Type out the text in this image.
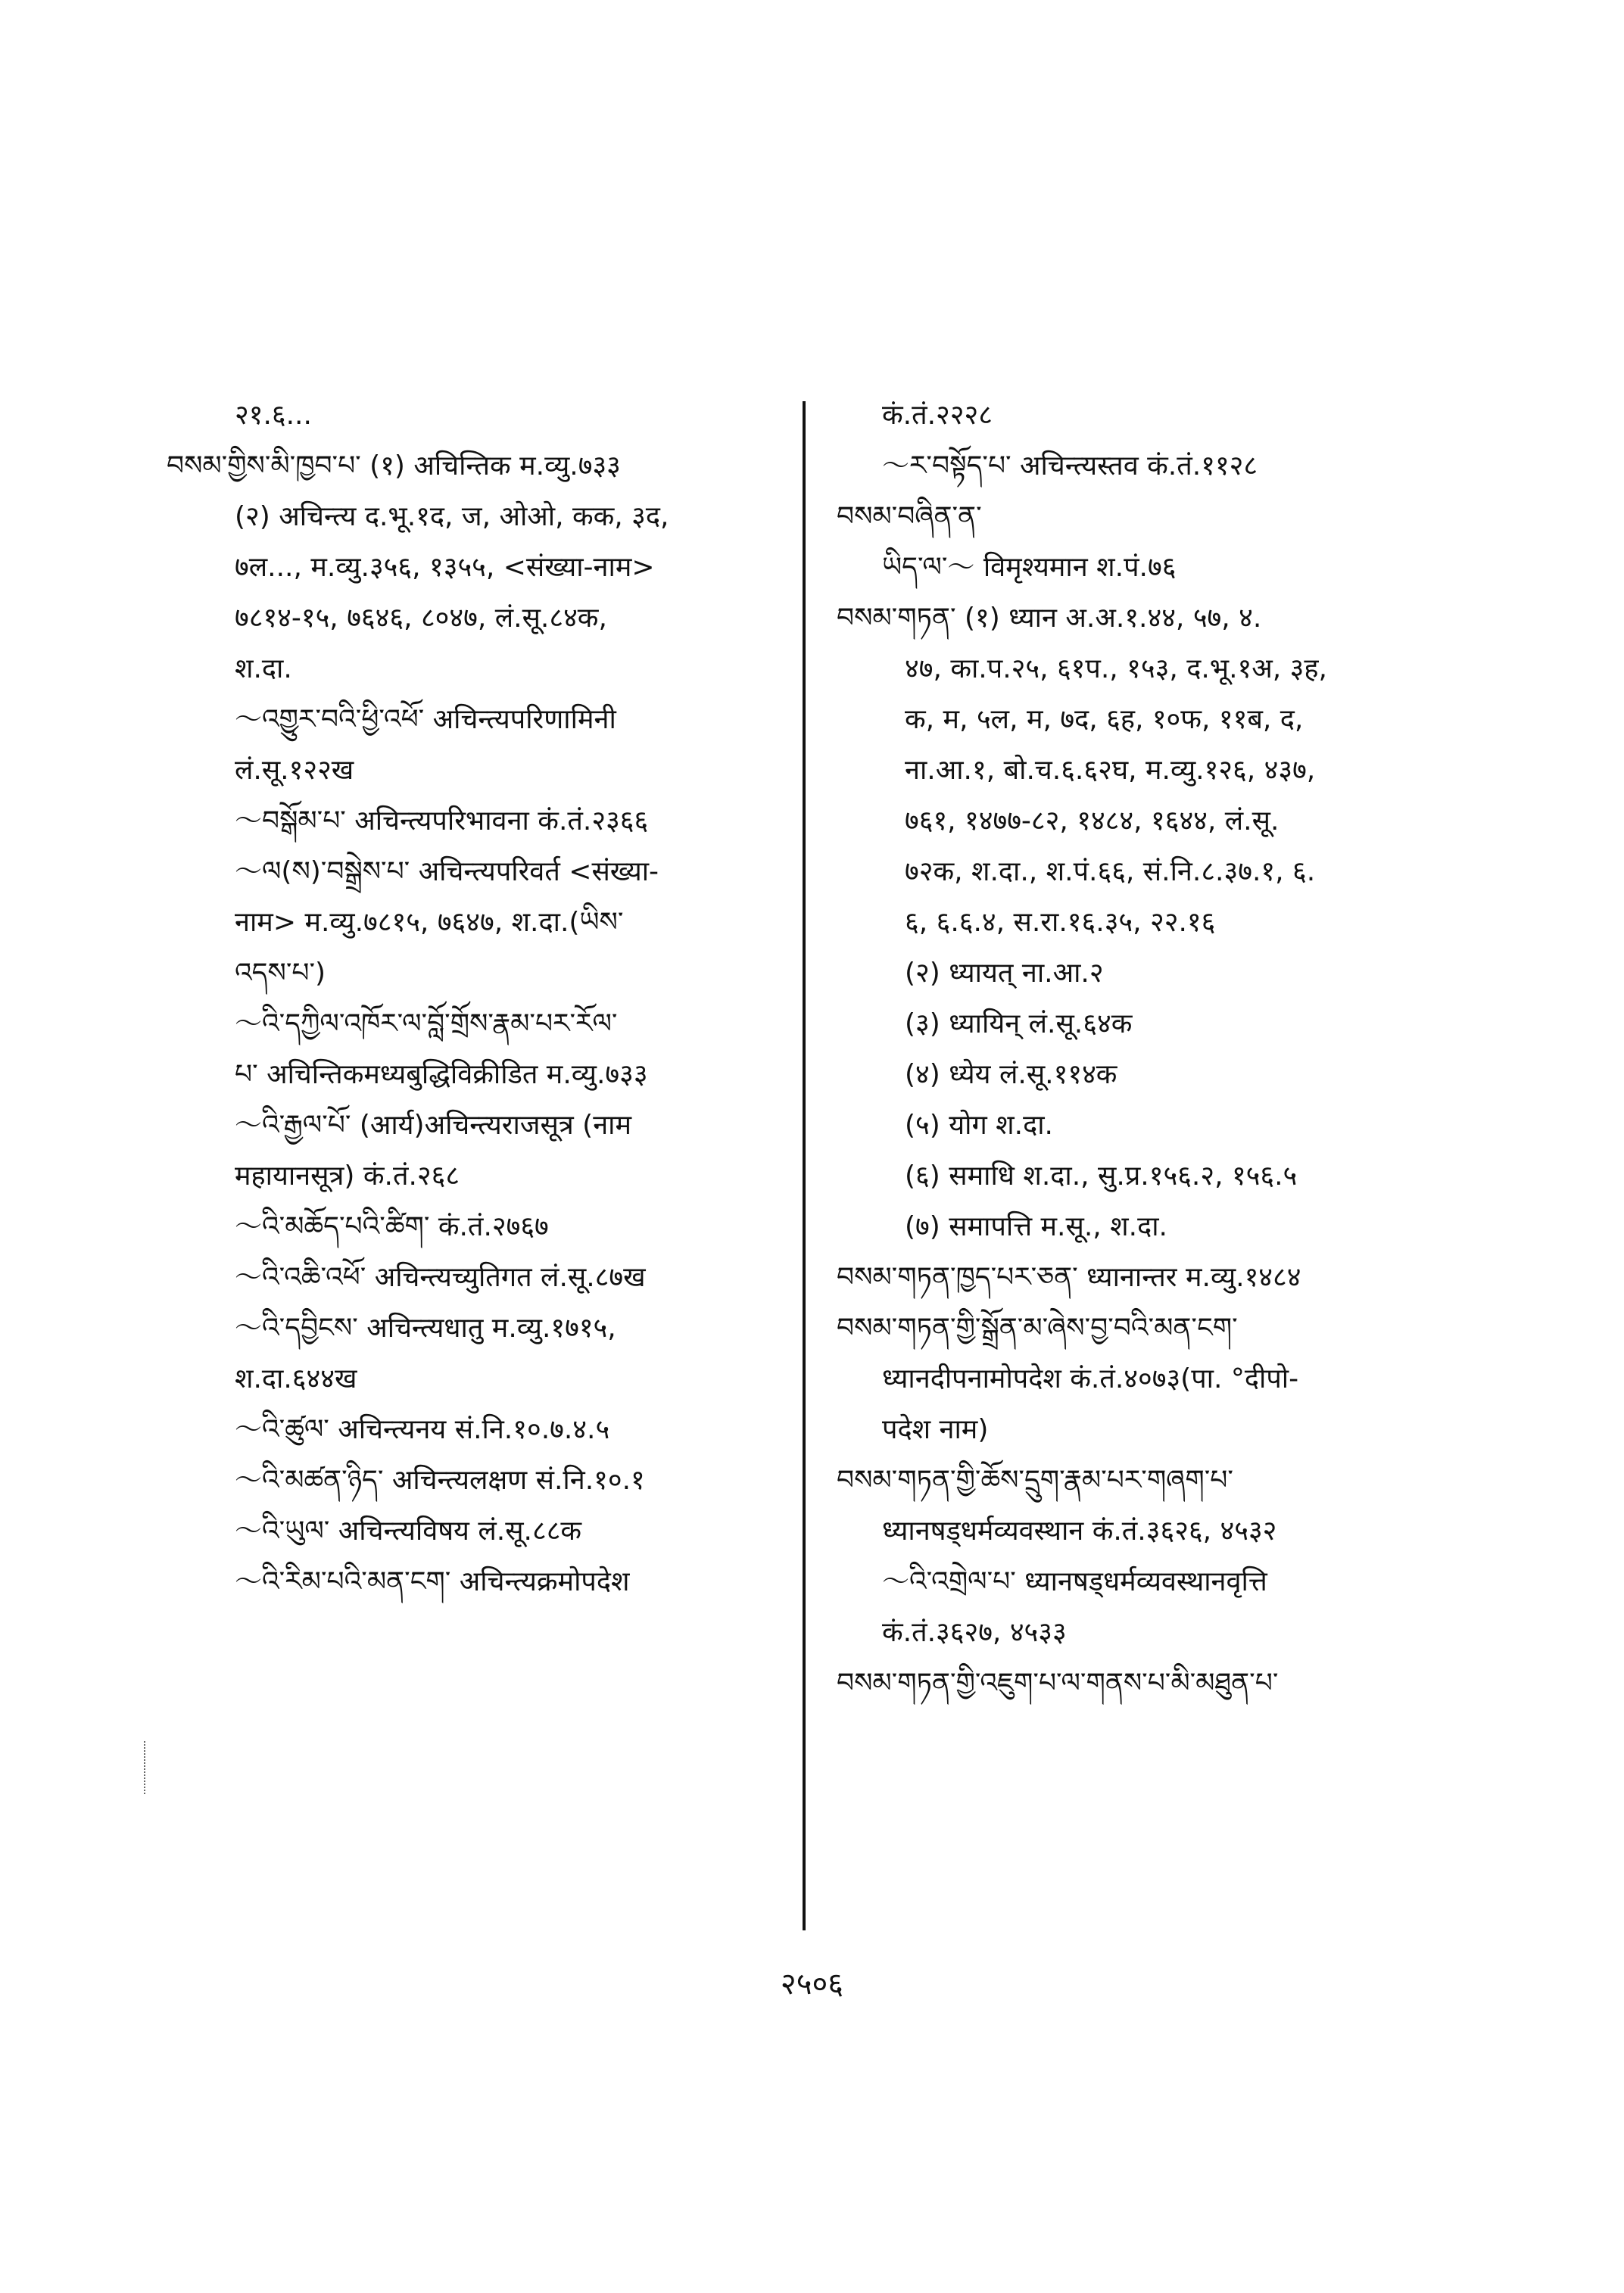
२१.६...
བསམ་གྱིས་མི་ཁྱབ་པ་ (१) अचिन्तिक म.व्यु.७३३
(२) अचिन्त्य द.भू.१द, ज, ओओ, कक, ३द,
७ल..., म.व्यु.३५६, १३५५, <संख्या-नाम>
७८१४-१५, ७६४६, ८०४७, लं.सू.८४क,
श.दा.
～འགྱུར་བའི་ཕྱི་འཕོ་ अचिन्त्यपरिणामिनी
लं.सू.१२२ख
～བསྒོམ་པ་ अचिन्त्यपरिभावना कं.तं.२३६६
～ལ(ས)་བསྒྲེས་པ་ अचिन्त्यपरिवर्त <संख्या-
नाम> म.व्यु.७८१५, ७६४७, श.दा.(ཡིས་
འདས་པ་)
～འི་དཀྱིལ་འཁོར་ལ་བློ་གྲོས་རྣམ་པར་རོལ་
པ་ अचिन्तिकमध्यबुद्धिविक्रीडित म.व्यु.७३३
～འི་རྒྱལ་པོ་ (आर्य)अचिन्त्यराजसूत्र (नाम
महायानसूत्र) कं.तं.२६८
～འི་མཆོད་པའི་ཚིག་ कं.तं.२७६७
～འི་འཆི་འཕོ་ अचिन्त्यच्युतिगत लं.सू.८७ख
～འི་དབྱིངས་ अचिन्त्यधातु म.व्यु.१७१५,
श.दा.६४४ख
～འི་ཚུལ་ अचिन्त्यनय सं.नि.१०.७.४.५
～འི་མཚན་ཉིད་ अचिन्त्यलक्षण सं.नि.१०.१
～འི་ཡུལ་ अचिन्त्यविषय लं.सू.८८क
～འི་རིམ་པའི་མན་ངག་ अचिन्त्यक्रमोपदेश
कं.तं.२२२८
～ར་བསྟོད་པ་ अचिन्त्यस्तव कं.तं.११२८
བསམ་བཞིན་ན་
ཡིད་ལ་～ विमृश्यमान श.पं.७६
བསམ་གཏན་ (१) ध्यान अ.अ.१.४४, ५७, ४.
४७, का.प.२५, ६१प., १५३, द.भू.१अ, ३ह,
क, म, ५ल, म, ७द, ६ह, १०फ, ११ब, द,
ना.आ.१, बो.च.६.६२घ, म.व्यु.१२६, ४३७,
७६१, १४७७-८२, १४८४, १६४४, लं.सू.
७२क, श.दा., श.पं.६६, सं.नि.८.३७.१, ६.
६, ६.६.४, स.रा.१६.३५, २२.१६
(२) ध्यायत् ना.आ.२
(३) ध्यायिन् लं.सू.६४क
(४) ध्येय लं.सू.११४क
(५) योग श.दा.
(६) समाधि श.दा., सु.प्र.१५६.२, १५६.५
(७) समापत्ति म.सू., श.दा.
བསམ་གཏན་ཁྱད་པར་ཅན་ ध्यानान्तर म.व्यु.१४८४
བསམ་གཏན་གྱི་སྒྲོན་མ་ཞེས་བྱ་བའི་མན་ངག་
ध्यानदीपनामोपदेश कं.तं.४०७३(पा. °दीपो-
पदेश नाम)
བསམ་གཏན་གྱི་ཆོས་དྲུག་རྣམ་པར་གཞག་པ་
ध्यानषड्धर्मव्यवस्थान कं.तं.३६२६, ४५३२
～འི་འགྲེལ་པ་ ध्यानषड्धर्मव्यवस्थानवृत्ति
कं.तं.३६२७, ४५३३
བསམ་གཏན་གྱི་འཇུག་པ་ལ་གནས་པ་མི་མཐུན་པ་
२५०६
